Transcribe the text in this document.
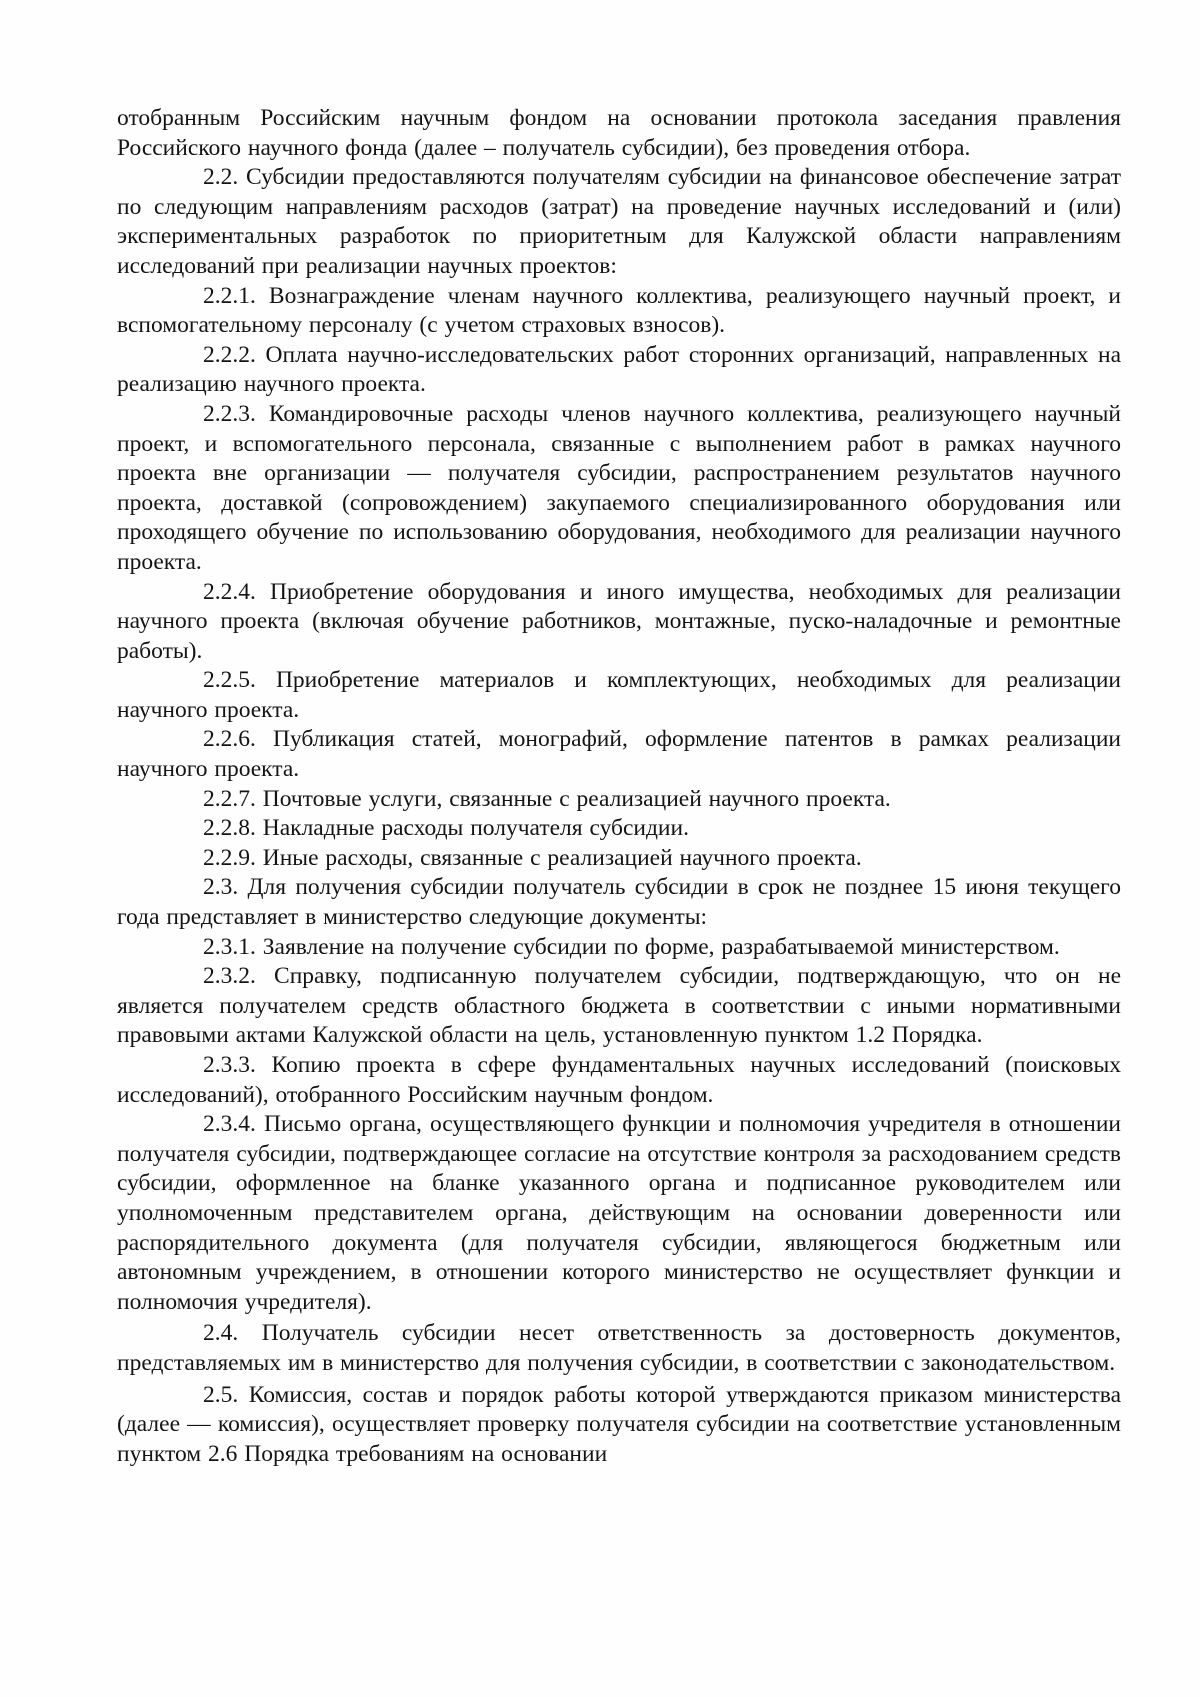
отобранным Российским научным фондом на основании протокола заседания правления Российского научного фонда (далее – получатель субсидии), без проведения отбора.

2.2. Субсидии предоставляются получателям субсидии на финансовое обеспечение затрат по следующим направлениям расходов (затрат) на проведение научных исследований и (или) экспериментальных разработок по приоритетным для Калужской области направлениям исследований при реализации научных проектов:

2.2.1. Вознаграждение членам научного коллектива, реализующего научный проект, и вспомогательному персоналу (с учетом страховых взносов).

2.2.2. Оплата научно-исследовательских работ сторонних организаций, направленных на реализацию научного проекта.

2.2.3. Командировочные расходы членов научного коллектива, реализующего научный проект, и вспомогательного персонала, связанные с выполнением работ в рамках научного проекта вне организации — получателя субсидии, распространением результатов научного проекта, доставкой (сопровождением) закупаемого специализированного оборудования или проходящего обучение по использованию оборудования, необходимого для реализации научного проекта.

2.2.4. Приобретение оборудования и иного имущества, необходимых для реализации научного проекта (включая обучение работников, монтажные, пуско-наладочные и ремонтные работы).

2.2.5. Приобретение материалов и комплектующих, необходимых для реализации научного проекта.

2.2.6. Публикация статей, монографий, оформление патентов в рамках реализации научного проекта.

2.2.7. Почтовые услуги, связанные с реализацией научного проекта.

2.2.8. Накладные расходы получателя субсидии.

2.2.9. Иные расходы, связанные с реализацией научного проекта.

2.3. Для получения субсидии получатель субсидии в срок не позднее 15 июня текущего года представляет в министерство следующие документы:

2.3.1. Заявление на получение субсидии по форме, разрабатываемой министерством.

2.3.2. Справку, подписанную получателем субсидии, подтверждающую, что он не является получателем средств областного бюджета в соответствии с иными нормативными правовыми актами Калужской области на цель, установленную пунктом 1.2 Порядка.

2.3.3. Копию проекта в сфере фундаментальных научных исследований (поисковых исследований), отобранного Российским научным фондом.

2.3.4. Письмо органа, осуществляющего функции и полномочия учредителя в отношении получателя субсидии, подтверждающее согласие на отсутствие контроля за расходованием средств субсидии, оформленное на бланке указанного органа и подписанное руководителем или уполномоченным представителем органа, действующим на основании доверенности или распорядительного документа (для получателя субсидии, являющегося бюджетным или автономным учреждением, в отношении которого министерство не осуществляет функции и полномочия учредителя).

2.4. Получатель субсидии несет ответственность за достоверность документов, представляемых им в министерство для получения субсидии, в соответствии с законодательством.

2.5. Комиссия, состав и порядок работы которой утверждаются приказом министерства (далее — комиссия), осуществляет проверку получателя субсидии на соответствие установленным пунктом 2.6 Порядка требованиям на основании
